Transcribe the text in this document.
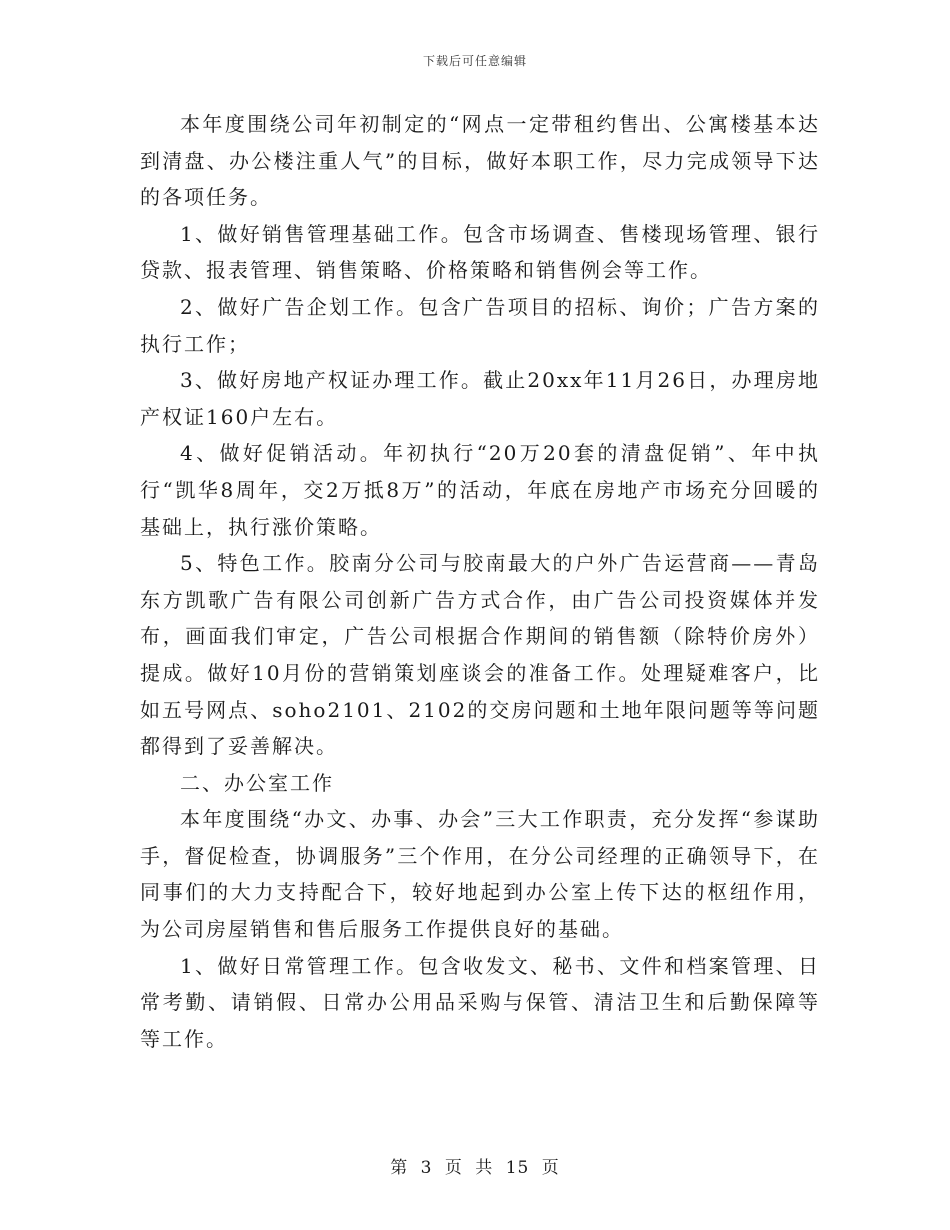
下载后可任意编辑

本年度围绕公司年初制定的“网点一定带租约售出、公寓楼基本达到清盘、办公楼注重人气”的目标，做好本职工作，尽力完成领导下达的各项任务。

1、做好销售管理基础工作。包含市场调查、售楼现场管理、银行贷款、报表管理、销售策略、价格策略和销售例会等工作。

2、做好广告企划工作。包含广告项目的招标、询价；广告方案的执行工作；

3、做好房地产权证办理工作。截止20xx年11月26日，办理房地产权证160户左右。

4、做好促销活动。年初执行“20万20套的清盘促销”、年中执行“凯华8周年，交2万抵8万”的活动，年底在房地产市场充分回暖的基础上，执行涨价策略。

5、特色工作。胶南分公司与胶南最大的户外广告运营商——青岛东方凯歌广告有限公司创新广告方式合作，由广告公司投资媒体并发布，画面我们审定，广告公司根据合作期间的销售额（除特价房外）提成。做好10月份的营销策划座谈会的准备工作。处理疑难客户，比如五号网点、soho2101、2102的交房问题和土地年限问题等等问题都得到了妥善解决。

二、办公室工作

本年度围绕“办文、办事、办会”三大工作职责，充分发挥“参谋助手，督促检查，协调服务”三个作用，在分公司经理的正确领导下，在同事们的大力支持配合下，较好地起到办公室上传下达的枢纽作用，为公司房屋销售和售后服务工作提供良好的基础。

1、做好日常管理工作。包含收发文、秘书、文件和档案管理、日常考勤、请销假、日常办公用品采购与保管、清洁卫生和后勤保障等等工作。

第 3 页 共 15 页
